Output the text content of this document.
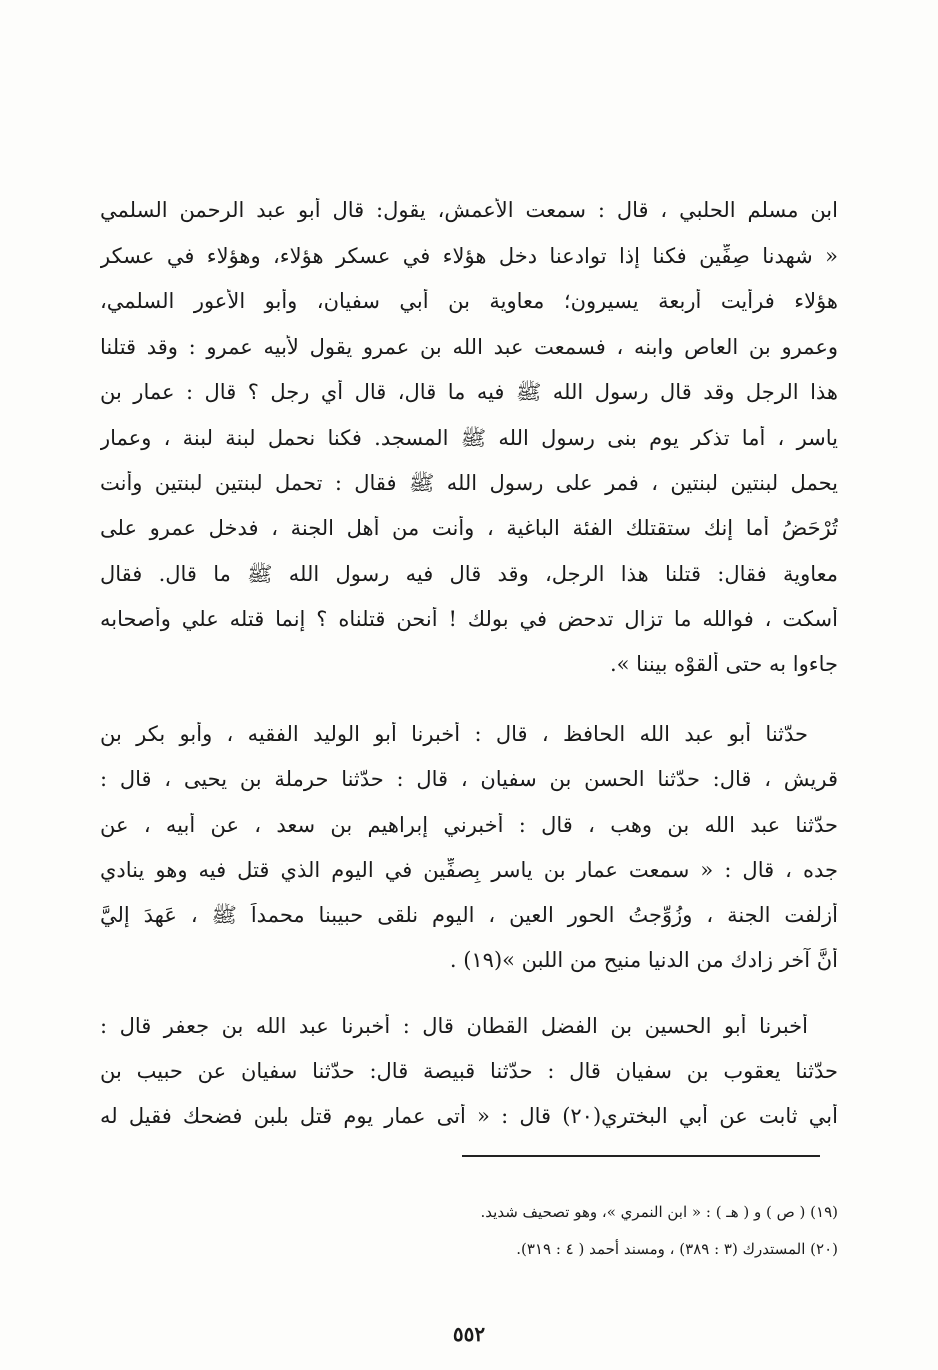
ابن مسلم الحلبي ، قال : سمعت الأعمش، يقول: قال أبو عبد الرحمن السلمي
« شهدنا صِفِّين فكنا إذا توادعنا دخل هؤلاء في عسكر هؤلاء، وهؤلاء في عسكر
هؤلاء فرأيت أربعة يسيرون؛ معاوية بن أبي سفيان، وأبو الأعور السلمي،
وعمرو بن العاص وابنه ، فسمعت عبد الله بن عمرو يقول لأبيه عمرو : وقد قتلنا
هذا الرجل وقد قال رسول الله ﷺ فيه ما قال، قال أي رجل ؟ قال : عمار بن
ياسر ، أما تذكر يوم بنى رسول الله ﷺ المسجد. فكنا نحمل لبنة لبنة ، وعمار
يحمل لبنتين لبنتين ، فمر على رسول الله ﷺ فقال : تحمل لبنتين لبنتين وأنت
تُرْحَضُ أما إنك ستقتلك الفئة الباغية ، وأنت من أهل الجنة ، فدخل عمرو على
معاوية فقال: قتلنا هذا الرجل، وقد قال فيه رسول الله ﷺ ما قال. فقال
أسكت ، فوالله ما تزال تدحض في بولك ! أنحن قتلناه ؟ إنما قتله علي وأصحابه
جاءوا به حتى ألقوْه بيننا ».
حدّثنا أبو عبد الله الحافظ ، قال : أخبرنا أبو الوليد الفقيه ، وأبو بكر بن
قريش ، قال: حدّثنا الحسن بن سفيان ، قال : حدّثنا حرملة بن يحيى ، قال :
حدّثنا عبد الله بن وهب ، قال : أخبرني إبراهيم بن سعد ، عن أبيه ، عن
جده ، قال : « سمعت عمار بن ياسر بِصفِّين في اليوم الذي قتل فيه وهو ينادي
أزلفت الجنة ، وزُوِّجتُ الحور العين ، اليوم نلقى حبيبنا محمداً ﷺ ، عَهِدَ إليَّ
أنَّ آخر زادك من الدنيا منيح من اللبن »(١٩) .
أخبرنا أبو الحسين بن الفضل القطان قال : أخبرنا عبد الله بن جعفر قال :
حدّثنا يعقوب بن سفيان قال : حدّثنا قبيصة قال: حدّثنا سفيان عن حبيب بن
أبي ثابت عن أبي البختري(٢٠) قال : « أتى عمار يوم قتل بلبن فضحك فقيل له
(١٩) ( ص ) و ( هـ ) : « ابن النمري »، وهو تصحيف شديد.
(٢٠) المستدرك (٣ : ٣٨٩) ، ومسند أحمد ( ٤ : ٣١٩).
٥٥٢
